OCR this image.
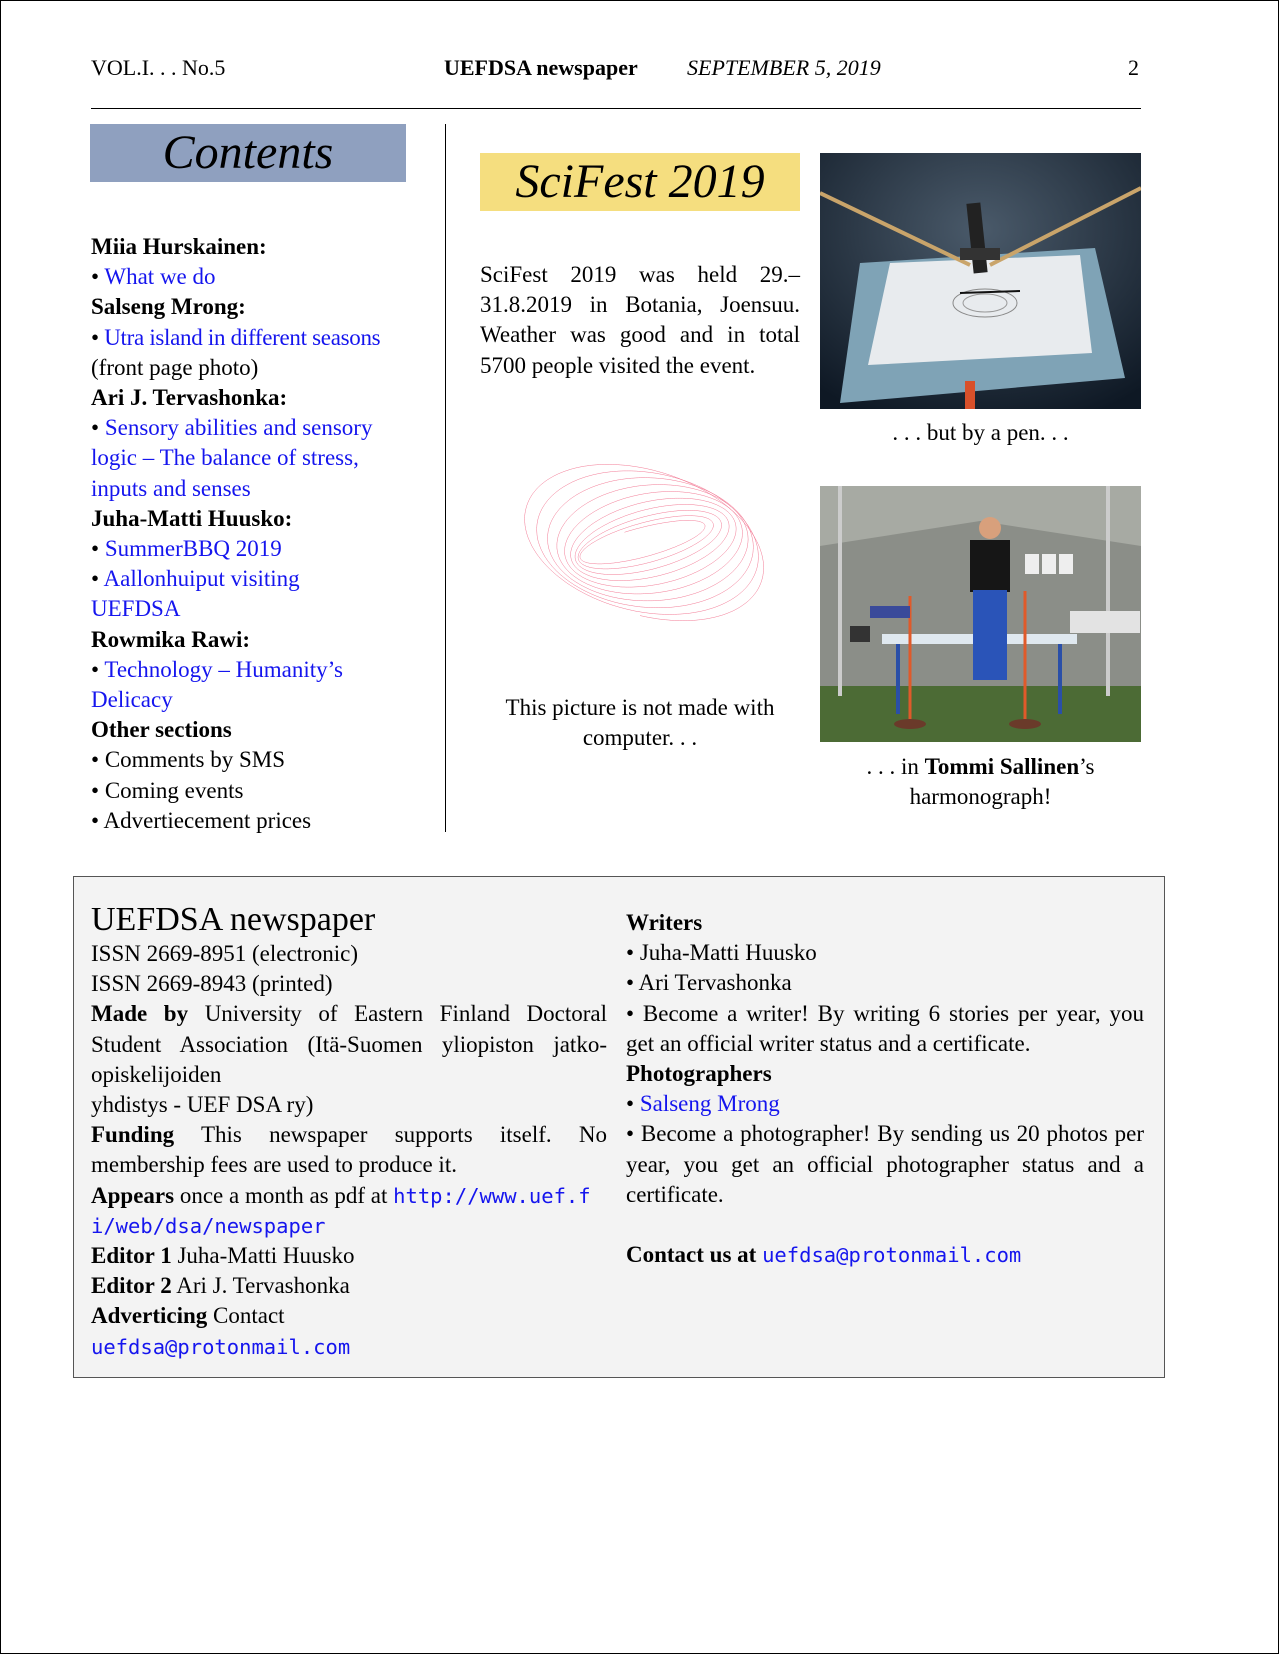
VOL.I. . . No.5	UEFDSA newspaper SEPTEMBER 5, 2019	2
Contents
Miia Hurskainen:
• What we do
Salseng Mrong:
• Utra island in different seasons
(front page photo)
Ari J. Tervashonka:
• Sensory abilities and sensory logic – The balance of stress, inputs and senses
Juha-Matti Huusko:
• SummerBBQ 2019
• Aallonhuiput visiting UEFDSA
Rowmika Rawi:
• Technology – Humanity’s Delicacy
Other sections
• Comments by SMS
• Coming events
• Advertiecement prices
SciFest 2019
SciFest 2019 was held 29.–31.8.2019 in Botania, Joensuu. Weather was good and in total 5700 people visited the event.
. . . but by a pen. . .
This picture is not made with computer. . .
. . . in Tommi Sallinen’s harmonograph!
UEFDSA newspaper
ISSN 2669-8951 (electronic)
ISSN 2669-8943 (printed)
Made by University of Eastern Finland Doctoral Student Association (Itä-Suomen yliopiston jatko-opiskelijoiden
yhdistys - UEF DSA ry)
Funding This newspaper supports itself. No membership fees are used to produce it.
Appears once a month as pdf at http://www.uef.fi/web/dsa/newspaper
Editor 1 Juha-Matti Huusko
Editor 2 Ari J. Tervashonka
Adverticing Contact
uefdsa@protonmail.com
Writers
• Juha-Matti Huusko
• Ari Tervashonka
• Become a writer! By writing 6 stories per year, you get an official writer status and a certificate.
Photographers
• Salseng Mrong
• Become a photographer! By sending us 20 photos per year, you get an official photographer status and a certificate.
Contact us at uefdsa@protonmail.com
